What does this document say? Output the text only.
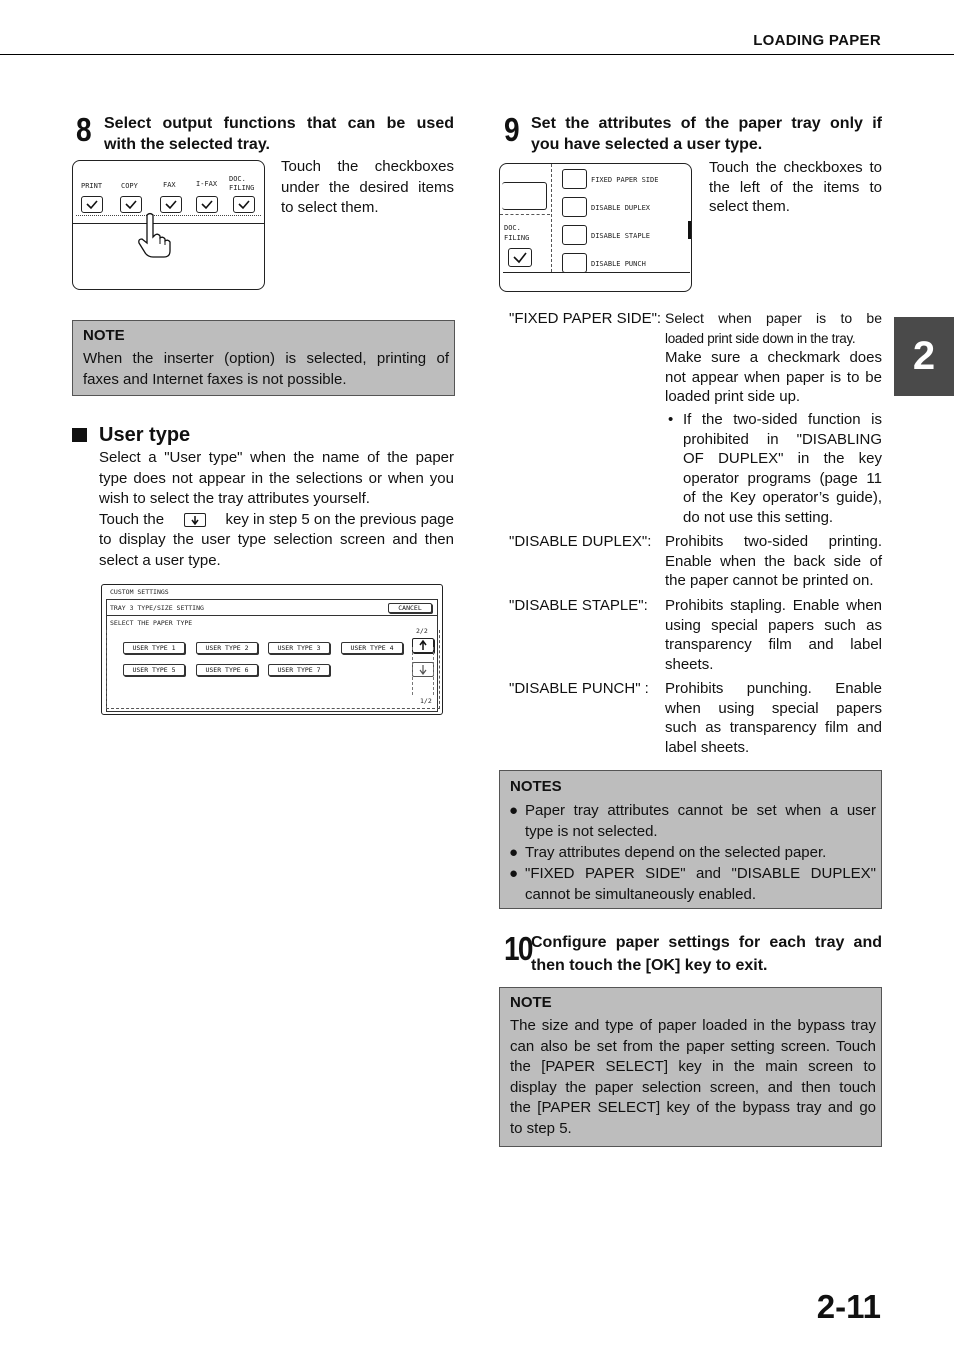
LOADING PAPER
2
8 Select output functions that can be used
with the selected tray.
PRINT	COPY	FAX	I-FAX
DOC.
FILING
Touch the checkboxes
under the desired items
to select them.
NOTE
When the inserter (option) is selected, printing of
faxes and Internet faxes is not possible.
User type
Select a "User type" when the name of the paper
type does not appear in the selections or when you
wish to select the tray attributes yourself.
Touch the	key in step 5 on the previous page
to display the user type selection screen and then
select a user type.
CUSTOM SETTINGS
TRAY 3 TYPE/SIZE SETTING	CANCEL
SELECT THE PAPER TYPE
USER TYPE 1	USER TYPE 2	USER TYPE 3	USER TYPE 4
USER TYPE 5	USER TYPE 6	USER TYPE 7
2/2
1/2
9 Set the attributes of the paper tray only if
you have selected a user type.
DOC.
FILING
FIXED PAPER SIDE
DISABLE DUPLEX
DISABLE STAPLE
DISABLE PUNCH
Touch the checkboxes to
the left of the items to
select them.
"FIXED PAPER SIDE": Select when paper is to be
loaded print side down in the tray.
Make sure a checkmark does
not appear when paper is to be
loaded print side up.
• If the two-sided function is
prohibited in "DISABLING
OF DUPLEX" in the key
operator programs (page 11
of the Key operator’s guide),
do not use this setting.
"DISABLE DUPLEX": Prohibits two-sided printing.
Enable when the back side of
the paper cannot be printed on.
"DISABLE STAPLE": Prohibits stapling. Enable when
using special papers such as
transparency film and label
sheets.
"DISABLE PUNCH" : Prohibits punching. Enable
when using special papers
such as transparency film and
label sheets.
NOTES
● Paper tray attributes cannot be set when a user
type is not selected.
● Tray attributes depend on the selected paper.
● "FIXED PAPER SIDE" and "DISABLE DUPLEX"
cannot be simultaneously enabled.
10 Configure paper settings for each tray and
then touch the [OK] key to exit.
NOTE
The size and type of paper loaded in the bypass tray
can also be set from the paper setting screen. Touch
the [PAPER SELECT] key in the main screen to
display the paper selection screen, and then touch
the [PAPER SELECT] key of the bypass tray and go
to step 5.
2-11
